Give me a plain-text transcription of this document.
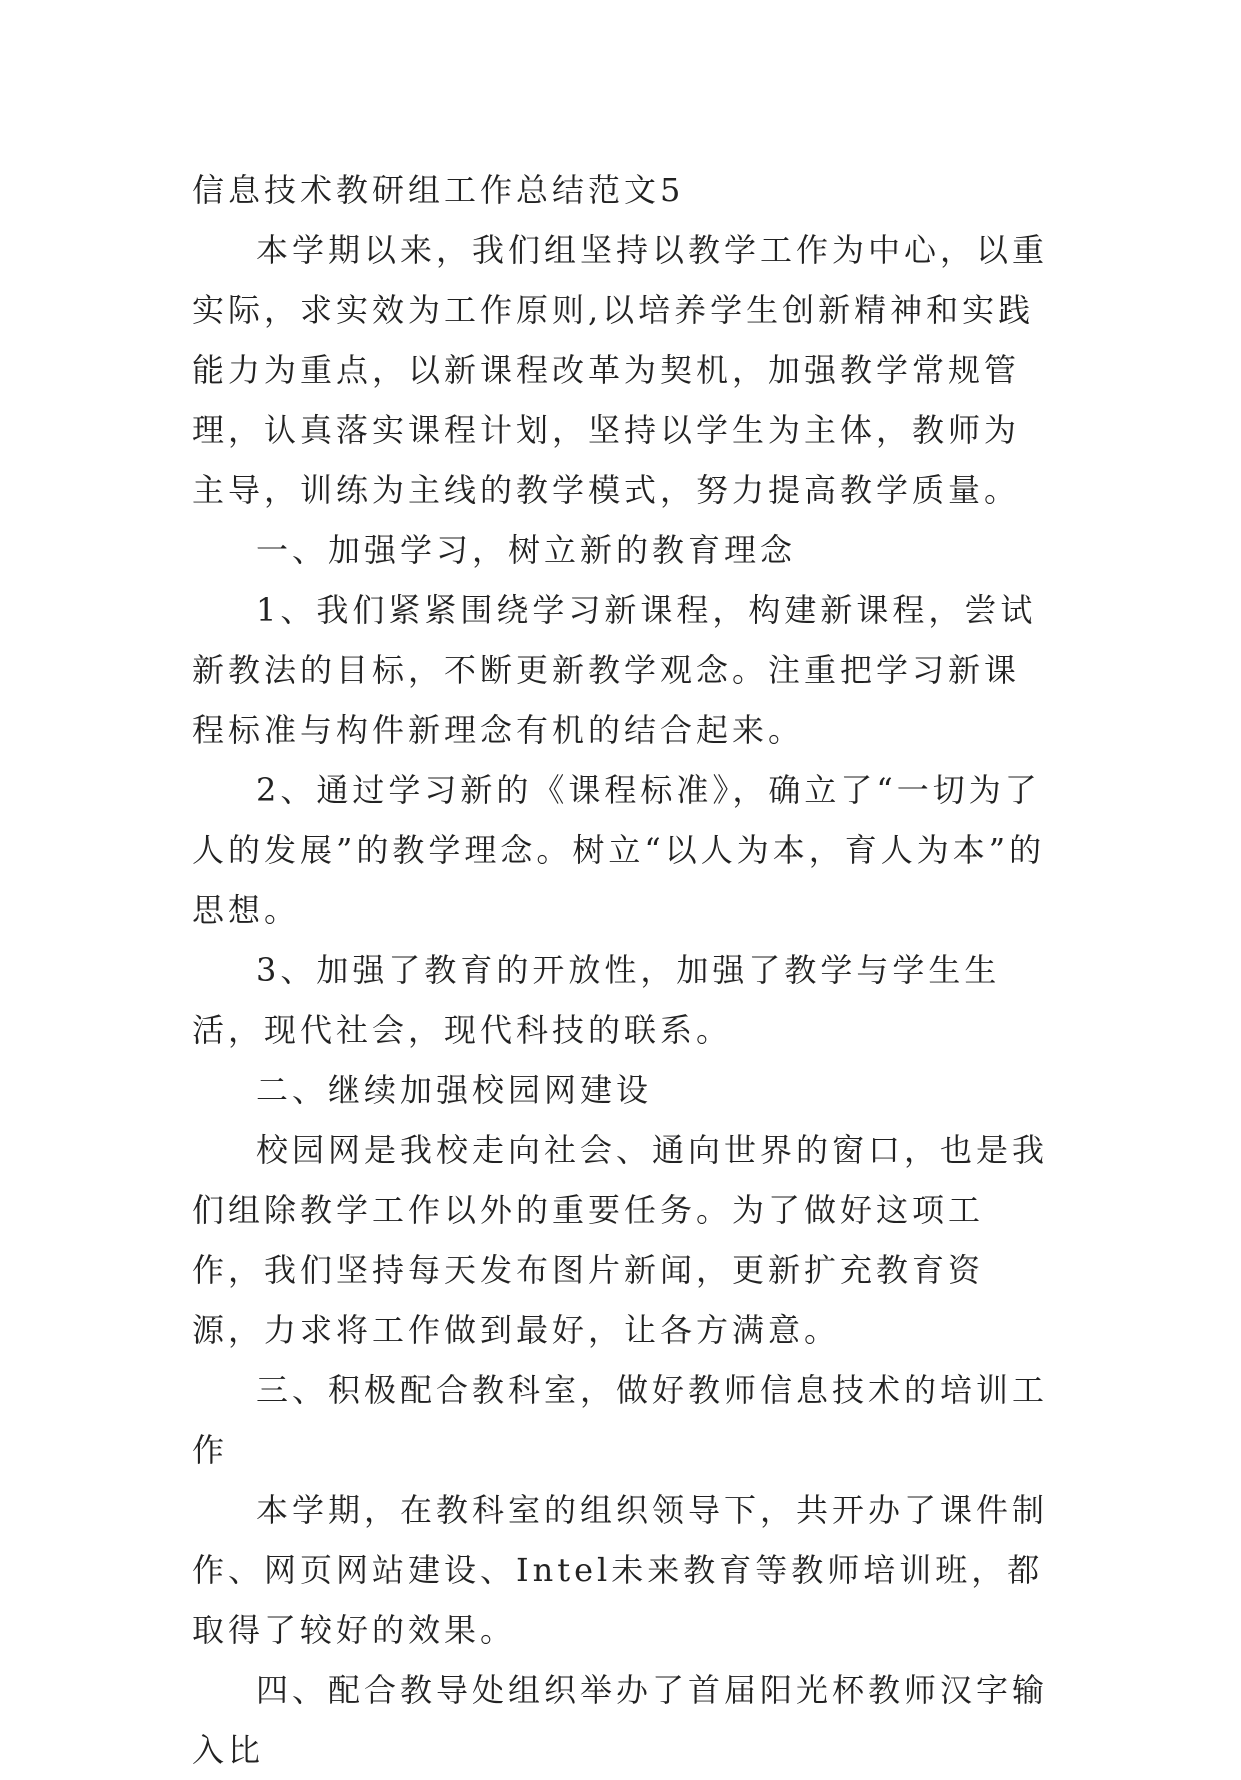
信息技术教研组工作总结范文5

本学期以来，我们组坚持以教学工作为中心，以重实际，求实效为工作原则,以培养学生创新精神和实践能力为重点，以新课程改革为契机，加强教学常规管理，认真落实课程计划，坚持以学生为主体，教师为主导，训练为主线的教学模式，努力提高教学质量。

一、加强学习，树立新的教育理念

1、我们紧紧围绕学习新课程，构建新课程，尝试新教法的目标，不断更新教学观念。注重把学习新课程标准与构件新理念有机的结合起来。

2、通过学习新的《课程标准》，确立了“一切为了人的发展”的教学理念。树立“以人为本，育人为本”的思想。

3、加强了教育的开放性，加强了教学与学生生活，现代社会，现代科技的联系。

二、继续加强校园网建设

校园网是我校走向社会、通向世界的窗口，也是我们组除教学工作以外的重要任务。为了做好这项工作，我们坚持每天发布图片新闻，更新扩充教育资源，力求将工作做到最好，让各方满意。

三、积极配合教科室，做好教师信息技术的培训工作

本学期，在教科室的组织领导下，共开办了课件制作、网页网站建设、Intel未来教育等教师培训班，都取得了较好的效果。

四、配合教导处组织举办了首届阳光杯教师汉字输入比
